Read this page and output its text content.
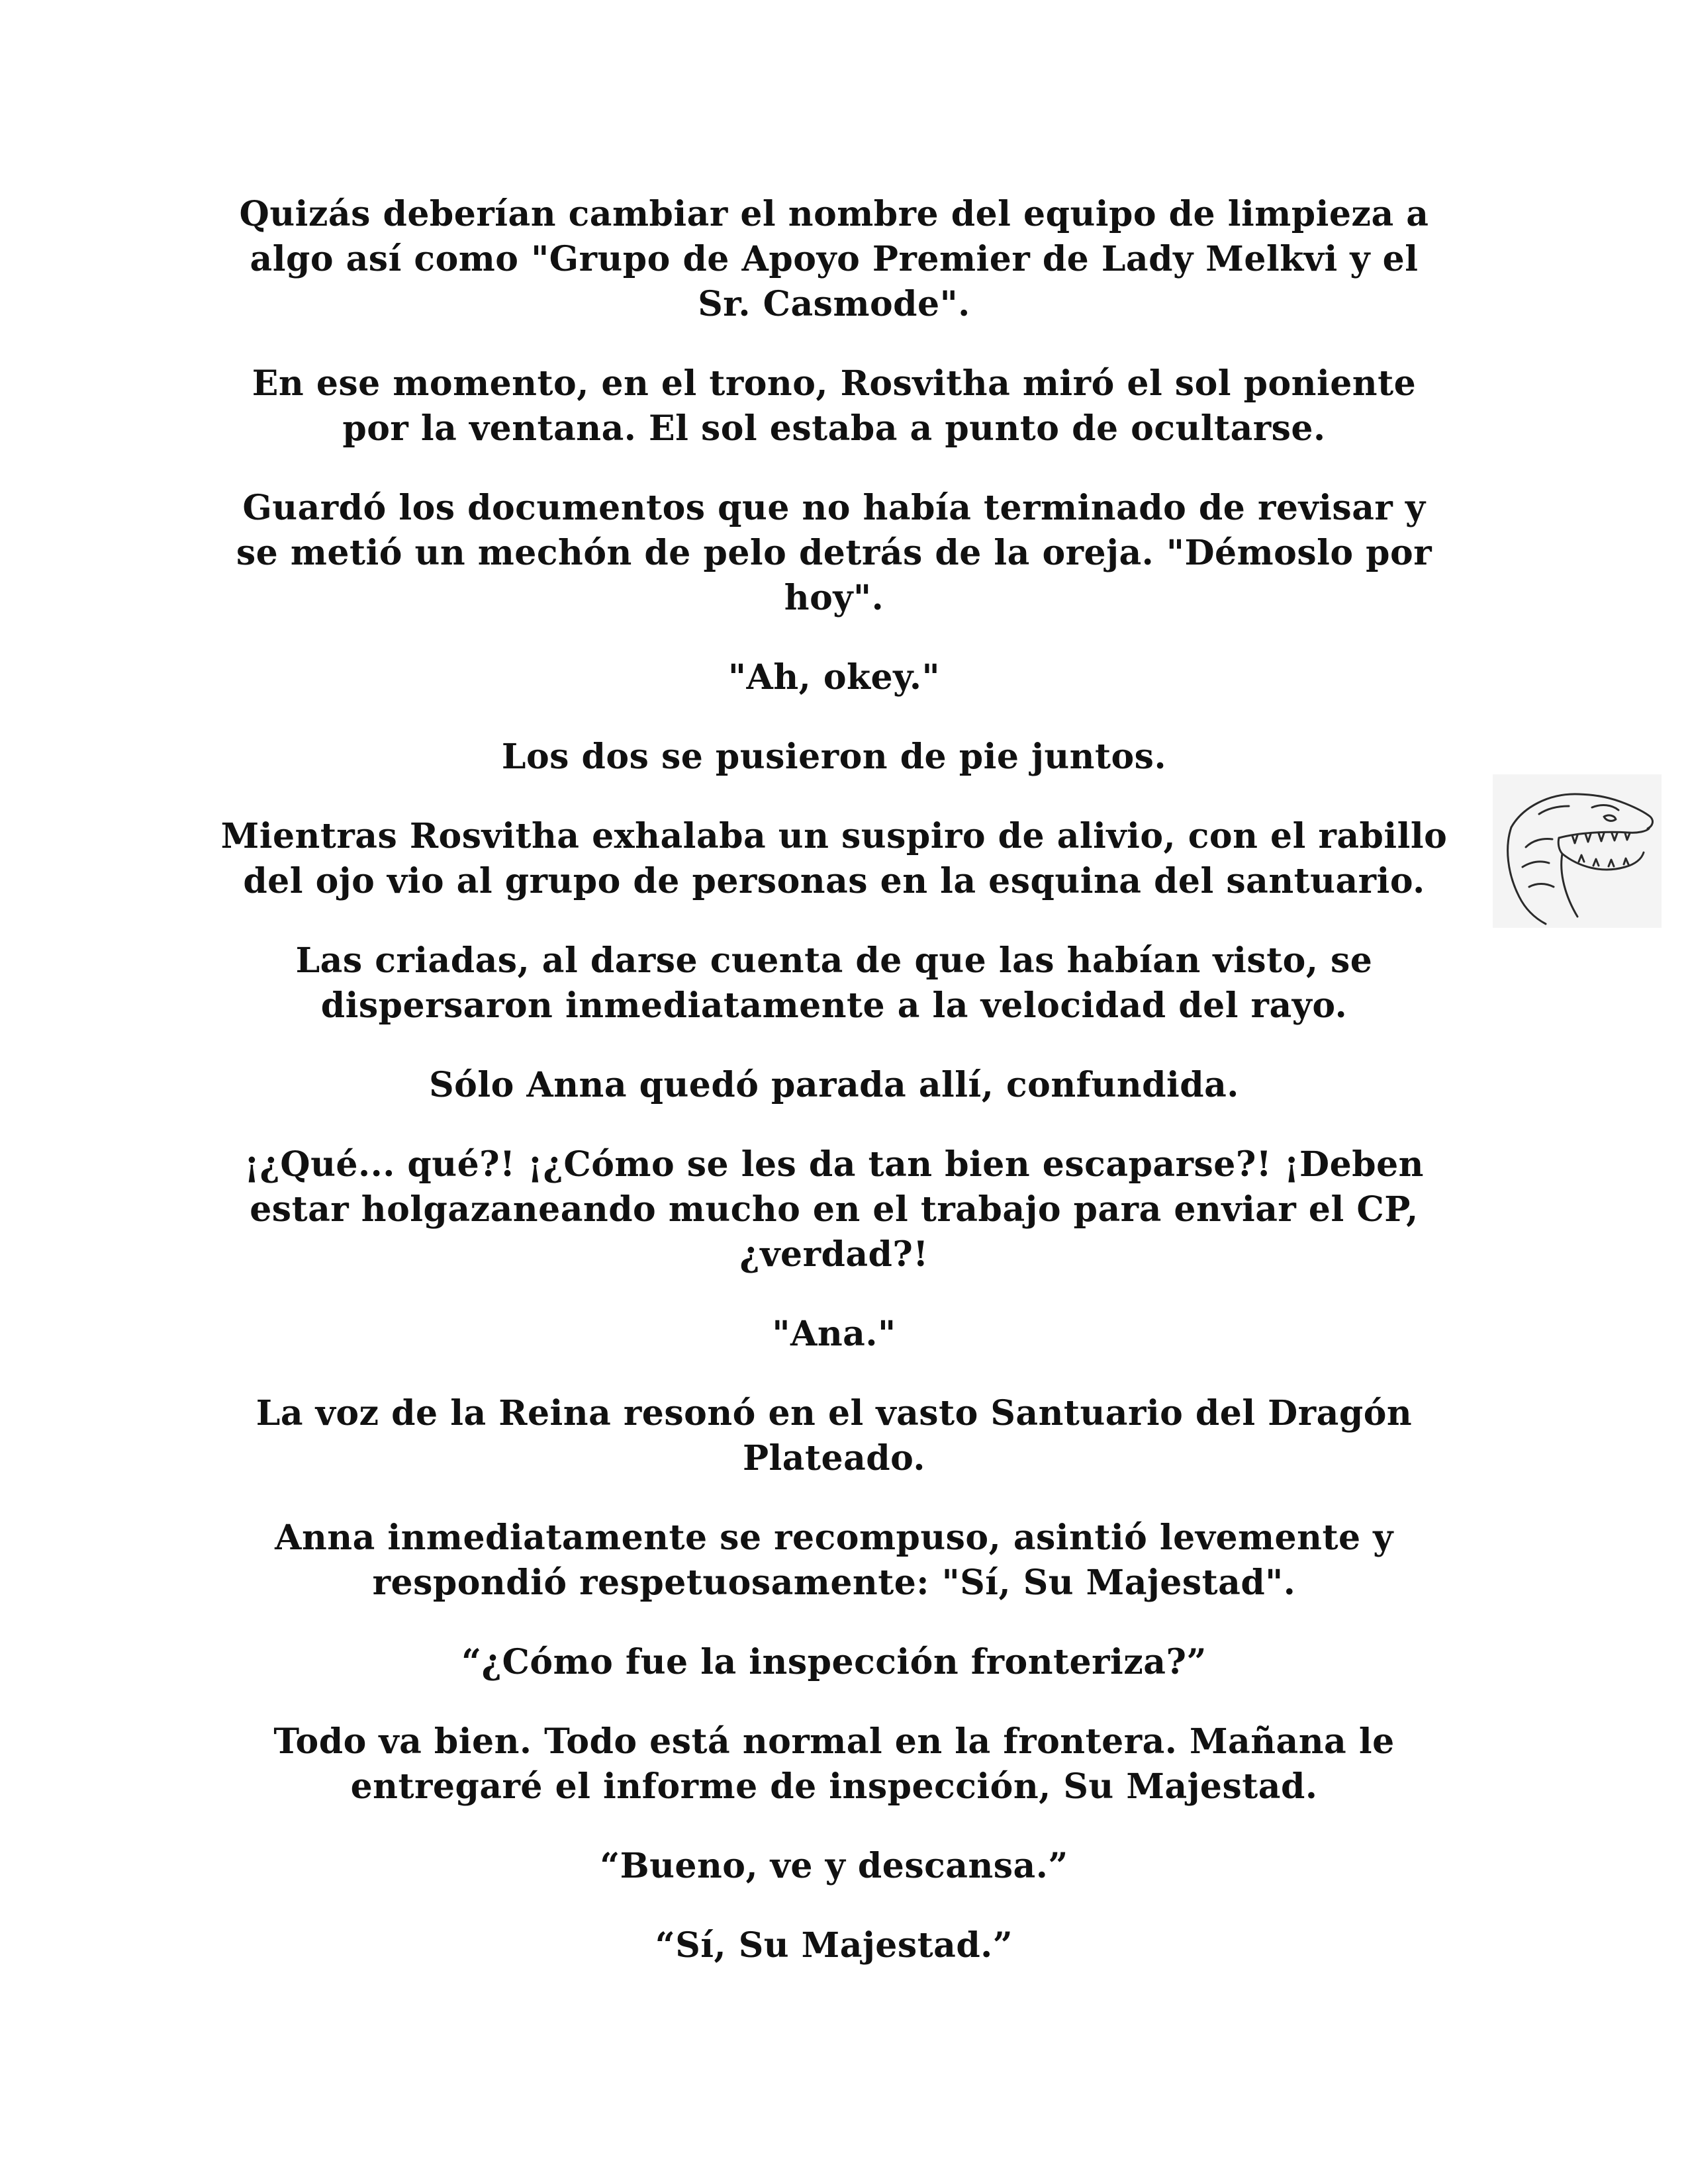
Quizás deberían cambiar el nombre del equipo de limpieza a
algo así como "Grupo de Apoyo Premier de Lady Melkvi y el
Sr. Casmode".

En ese momento, en el trono, Rosvitha miró el sol poniente
por la ventana. El sol estaba a punto de ocultarse.

Guardó los documentos que no había terminado de revisar y
se metió un mechón de pelo detrás de la oreja. "Démoslo por
hoy".

"Ah, okey."

Los dos se pusieron de pie juntos.

Mientras Rosvitha exhalaba un suspiro de alivio, con el rabillo
del ojo vio al grupo de personas en la esquina del santuario.

Las criadas, al darse cuenta de que las habían visto, se
dispersaron inmediatamente a la velocidad del rayo.

Sólo Anna quedó parada allí, confundida.

¡¿Qué... qué?! ¡¿Cómo se les da tan bien escaparse?! ¡Deben
estar holgazaneando mucho en el trabajo para enviar el CP,
¿verdad?!

"Ana."

La voz de la Reina resonó en el vasto Santuario del Dragón
Plateado.

Anna inmediatamente se recompuso, asintió levemente y
respondió respetuosamente: "Sí, Su Majestad".

“¿Cómo fue la inspección fronteriza?”

Todo va bien. Todo está normal en la frontera. Mañana le
entregaré el informe de inspección, Su Majestad.

“Bueno, ve y descansa.”

“Sí, Su Majestad.”
